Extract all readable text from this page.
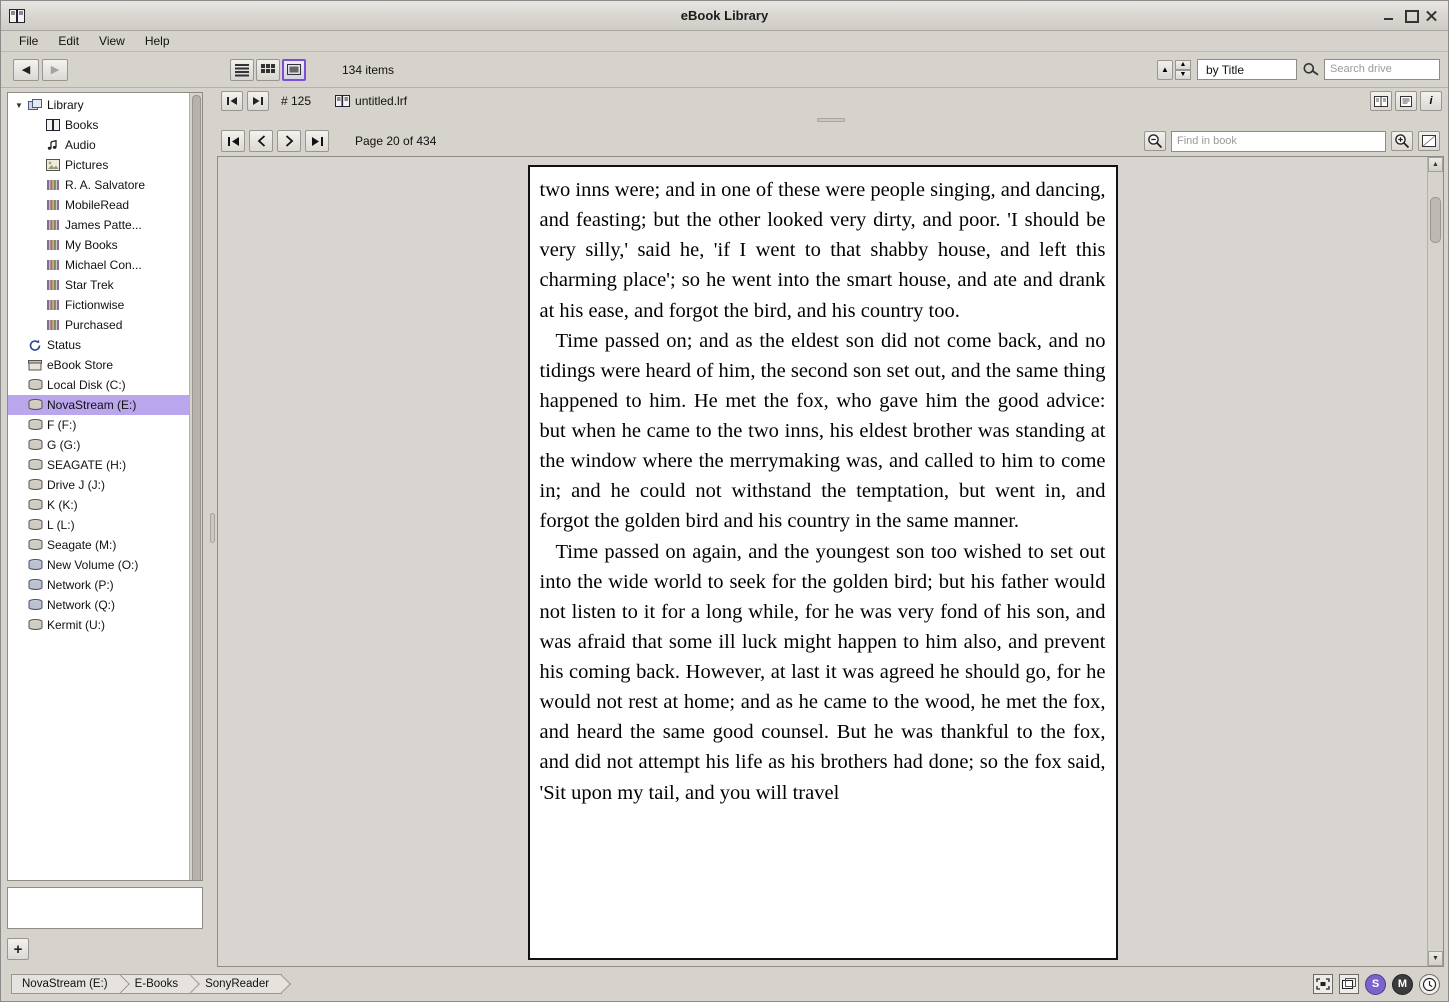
eBook Library
File	Edit	View	Help
◀	▶	134 items	▲
▲
▼	by Title	Search drive
▼ Library
Books
Audio
Pictures
R. A. Salvatore
MobileRead
James Patte...
My Books
Michael Con...
Star Trek
Fictionwise
Purchased
Status
eBook Store
Local Disk (C:)
NovaStream (E:)
F (F:)
G (G:)
SEAGATE (H:)
Drive J (J:)
K (K:)
L (L:)
Seagate (M:)
New Volume (O:)
Network (P:)
Network (Q:)
Kermit (U:)
+
# 125	untitled.lrf	i
Page 20 of 434	Find in book

two inns were; and in one of these were people singing, and dancing, and feasting; but the other looked very dirty, and poor. 'I should be very silly,' said he, 'if I went to that shabby house, and left this charming place'; so he went into the smart house, and ate and drank at his ease, and forgot the bird, and his country too.

Time passed on; and as the eldest son did not come back, and no tidings were heard of him, the second son set out, and the same thing happened to him. He met the fox, who gave him the good advice: but when he came to the two inns, his eldest brother was standing at the window where the merrymaking was, and called to him to come in; and he could not withstand the temptation, but went in, and forgot the golden bird and his country in the same manner.

Time passed on again, and the youngest son too wished to set out into the wide world to seek for the golden bird; but his father would not listen to it for a long while, for he was very fond of his son, and was afraid that some ill luck might happen to him also, and prevent his coming back. However, at last it was agreed he should go, for he would not rest at home; and as he came to the wood, he met the fox, and heard the same good counsel. But he was thankful to the fox, and did not attempt his life as his brothers had done; so the fox said, 'Sit upon my tail, and you will travel

▲
▼
NovaStream (E:)	E-Books	SonyReader	S	M
